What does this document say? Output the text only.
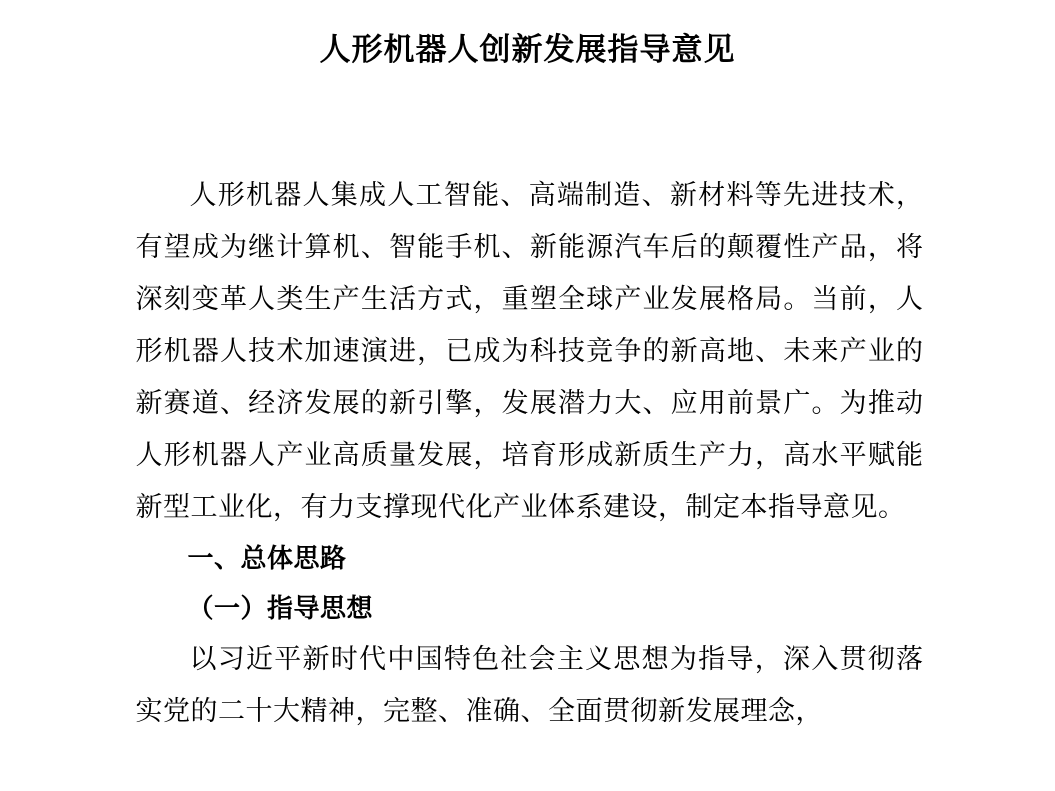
人形机器人创新发展指导意见

人形机器人集成人工智能、高端制造、新材料等先进技术，有望成为继计算机、智能手机、新能源汽车后的颠覆性产品，将深刻变革人类生产生活方式，重塑全球产业发展格局。当前，人形机器人技术加速演进，已成为科技竞争的新高地、未来产业的新赛道、经济发展的新引擎，发展潜力大、应用前景广。为推动人形机器人产业高质量发展，培育形成新质生产力，高水平赋能新型工业化，有力支撑现代化产业体系建设，制定本指导意见。

一、总体思路

（一）指导思想

以习近平新时代中国特色社会主义思想为指导，深入贯彻落实党的二十大精神，完整、准确、全面贯彻新发展理念，
